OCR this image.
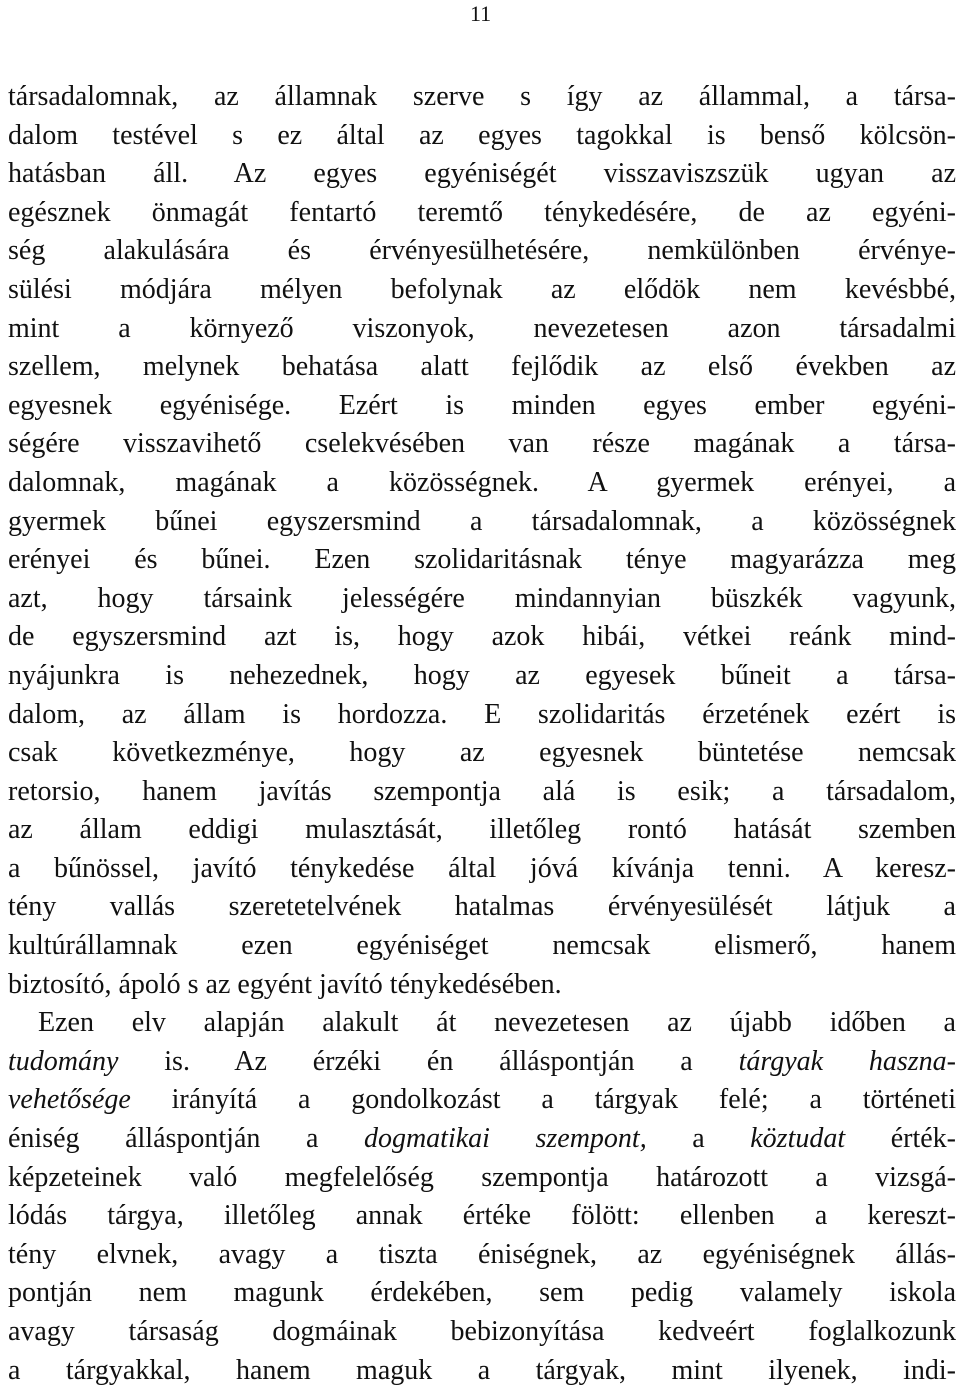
11
társadalomnak, az államnak szerve s így az állammal, a társa-
dalom testével s ez által az egyes tagokkal is benső kölcsön-
hatásban áll. Az egyes egyéniségét visszaviszszük ugyan az
egésznek önmagát fentartó teremtő ténykedésére, de az egyéni-
ség alakulására és érvényesülhetésére, nemkülönben érvénye-
sülési módjára mélyen befolynak az elődök nem kevésbbé,
mint a környező viszonyok, nevezetesen azon társadalmi
szellem, melynek behatása alatt fejlődik az első években az
egyesnek egyénisége. Ezért is minden egyes ember egyéni-
ségére visszavihető cselekvésében van része magának a társa-
dalomnak, magának a közösségnek. A gyermek erényei, a
gyermek bűnei egyszersmind a társadalomnak, a közösségnek
erényei és bűnei. Ezen szolidaritásnak ténye magyarázza meg
azt, hogy társaink jelességére mindannyian büszkék vagyunk,
de egyszersmind azt is, hogy azok hibái, vétkei reánk mind-
nyájunkra is nehezednek, hogy az egyesek bűneit a társa-
dalom, az állam is hordozza. E szolidaritás érzetének ezért is
csak következménye, hogy az egyesnek büntetése nemcsak
retorsio, hanem javítás szempontja alá is esik; a társadalom,
az állam eddigi mulasztását, illetőleg rontó hatását szemben
a bűnössel, javító ténykedése által jóvá kívánja tenni. A keresz-
tény vallás szeretetelvének hatalmas érvényesülését látjuk a
kultúrállamnak ezen egyéniséget nemcsak elismerő, hanem
biztosító, ápoló s az egyént javító ténykedésében.
Ezen elv alapján alakult át nevezetesen az újabb időben a
tudomány is. Az érzéki én álláspontján a tárgyak haszna-
vehetősége irányítá a gondolkozást a tárgyak felé; a történeti
éniség álláspontján a dogmatikai szempont, a köztudat érték-
képzeteinek való megfelelőség szempontja határozott a vizsgá-
lódás tárgya, illetőleg annak értéke fölött: ellenben a kereszt-
tény elvnek, avagy a tiszta éniségnek, az egyéniségnek állás-
pontján nem magunk érdekében, sem pedig valamely iskola
avagy társaság dogmáinak bebizonyítása kedveért foglalkozunk
a tárgyakkal, hanem maguk a tárgyak, mint ilyenek, indi-
